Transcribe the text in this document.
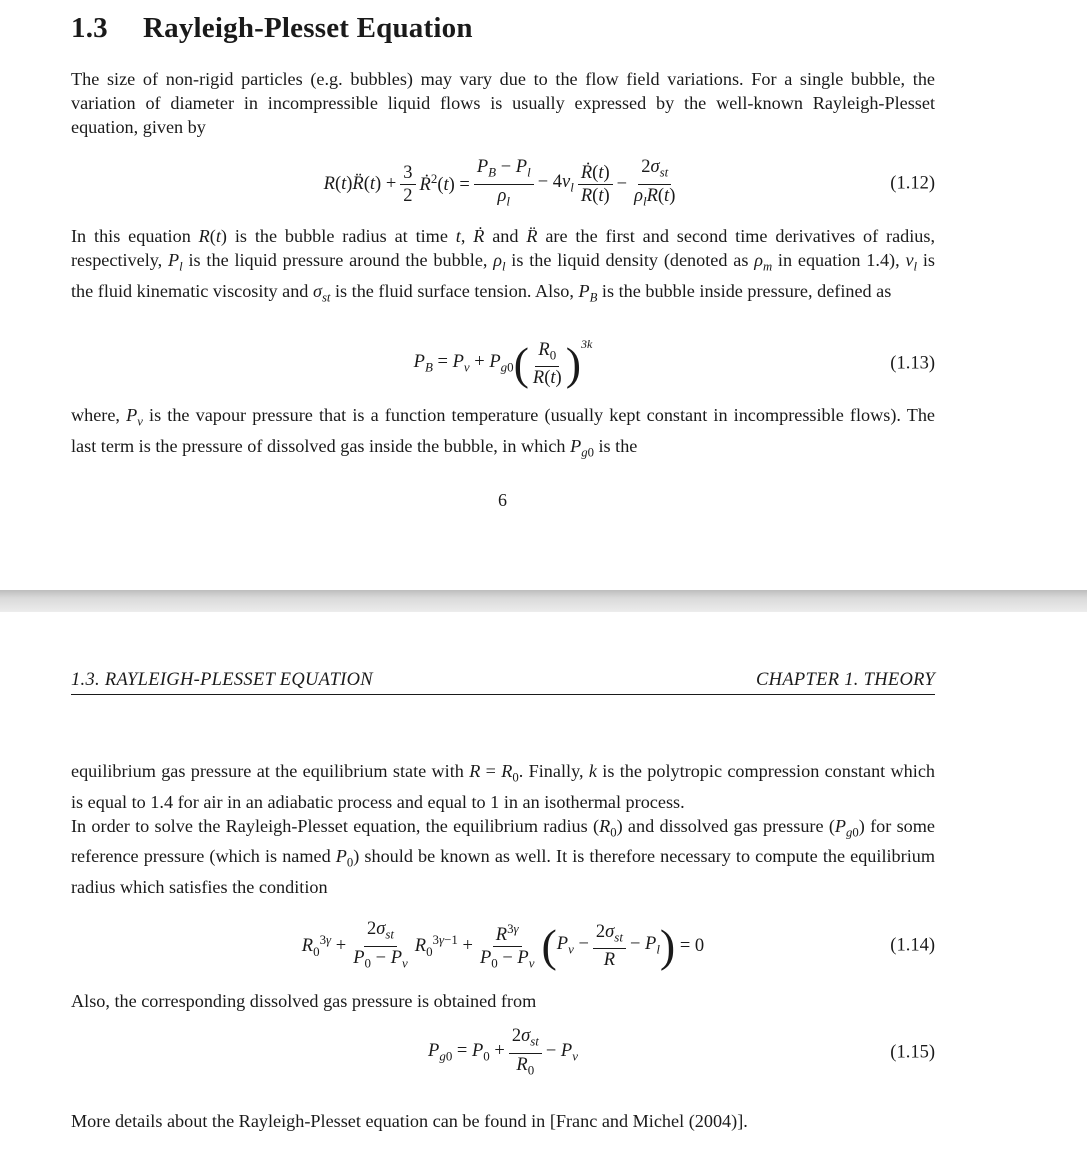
1.3 Rayleigh-Plesset Equation

The size of non-rigid particles (e.g. bubbles) may vary due to the flow field variations. For a single bubble, the variation of diameter in incompressible liquid flows is usually expressed by the well-known Rayleigh-Plesset equation, given by

R(t)R̈(t) + $\frac{3}{2}$ Ṙ$^2$(t) = $\frac{P_B - P_l}{\rho_l} - 4\nu_l \frac{\text{Ṙ(t)}}{R(t)} - \frac{2\sigma_{st}}{\rho_lR(t)}$	(1.12)

In this equation R(t) is the bubble radius at time t, Ṙ and R̈ are the first and second time derivatives of radius, respectively, $P_l$ is the liquid pressure around the bubble, $\rho_l$ is the liquid density (denoted as $\rho_m$ in equation 1.4), $\nu_l$ is the fluid kinematic viscosity and $\sigma_{st}$ is the fluid surface tension. Also, $P_B$ is the bubble inside pressure, defined as

$P_B = P_v + P_{g0}$ ( $\frac{R_0}{R(t)}$ ) 3k
(1.13)

where, $P_v$ is the vapour pressure that is a function temperature (usually kept constant in incompressible flows). The last term is the pressure of dissolved gas inside the bubble, in which $P_{g0}$ is the

6
1.3. RAYLEIGH-PLESSET EQUATION	CHAPTER 1. THEORY

equilibrium gas pressure at the equilibrium state with $R = R_0$. Finally, k is the polytropic compression constant which is equal to 1.4 for air in an adiabatic process and equal to 1 in an isothermal process.
In order to solve the Rayleigh-Plesset equation, the equilibrium radius $(R_0)$ and dissolved gas pressure $(P_{g0})$ for some reference pressure (which is named $P_0$) should be known as well. It is therefore necessary to compute the equilibrium radius which satisfies the condition

$R_0^{3\gamma} + \frac{2\sigma_{st}}{P_0 - P_v} R_0^{3\gamma-1} + \frac{R^{3\gamma}}{P_0 - P_v}$ ( $P_v - \frac{2\sigma_{st}}{R} - P_l$ ) = 0	(1.14)

Also, the corresponding dissolved gas pressure is obtained from

$P_{g0} = P_0 + \frac{2\sigma_{st}}{R_0} - P_v$	(1.15)

More details about the Rayleigh-Plesset equation can be found in [Franc and Michel (2004)].
